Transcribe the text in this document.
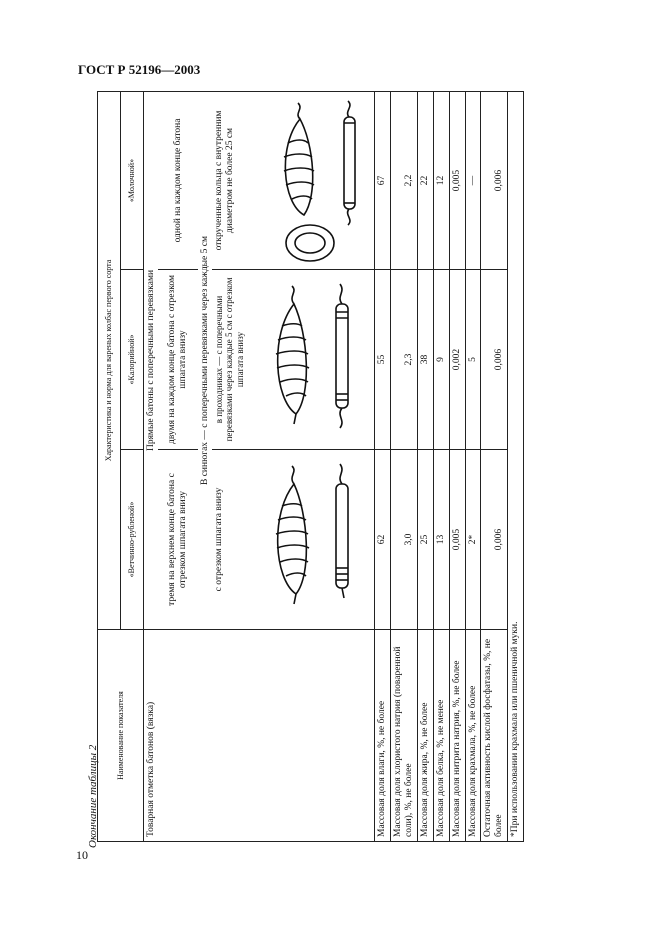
ГОСТ Р 52196—2003
Окончание таблицы 2
10
Наименование показателя	Характеристика и норма для вареных колбас первого сорта		
	«Ветчинно-рубленой»	«Калорийной»	«Молочной»
Товарная отметка батонов (вязка)	Прямые батоны с поперечными перевязками		
	тремя на верхнем конце батона с отрезком шпагата внизу	двумя на каждом конце батона с отрезком шпагата внизу	одной на каждом конце батона
	В синюгах — с поперечными перевязками через каждые 5 см		
	с отрезком шпагата внизу	в проходниках — с поперечными перевязками через каждые 5 см с отрезком шпагата внизу	открученные кольца с внутренним диаметром не более 25 см

Массовая доля влаги, %, не более	62	55	67
Массовая доля хлористого натрия (поваренной соли), %, не более	3,0	2,3	2,2
Массовая доля жира, %, не более	25	38	22
Массовая доля белка, %, не менее	13	9	12
Массовая доля нитрита натрия, %, не более	0,005	0,002	0,005
Массовая доля крахмала, %, не более	2*	5	—
Остаточная активность кислой фосфатазы, %, не более	0,006	0,006	0,006
*При использовании крахмала или пшеничной муки.			
